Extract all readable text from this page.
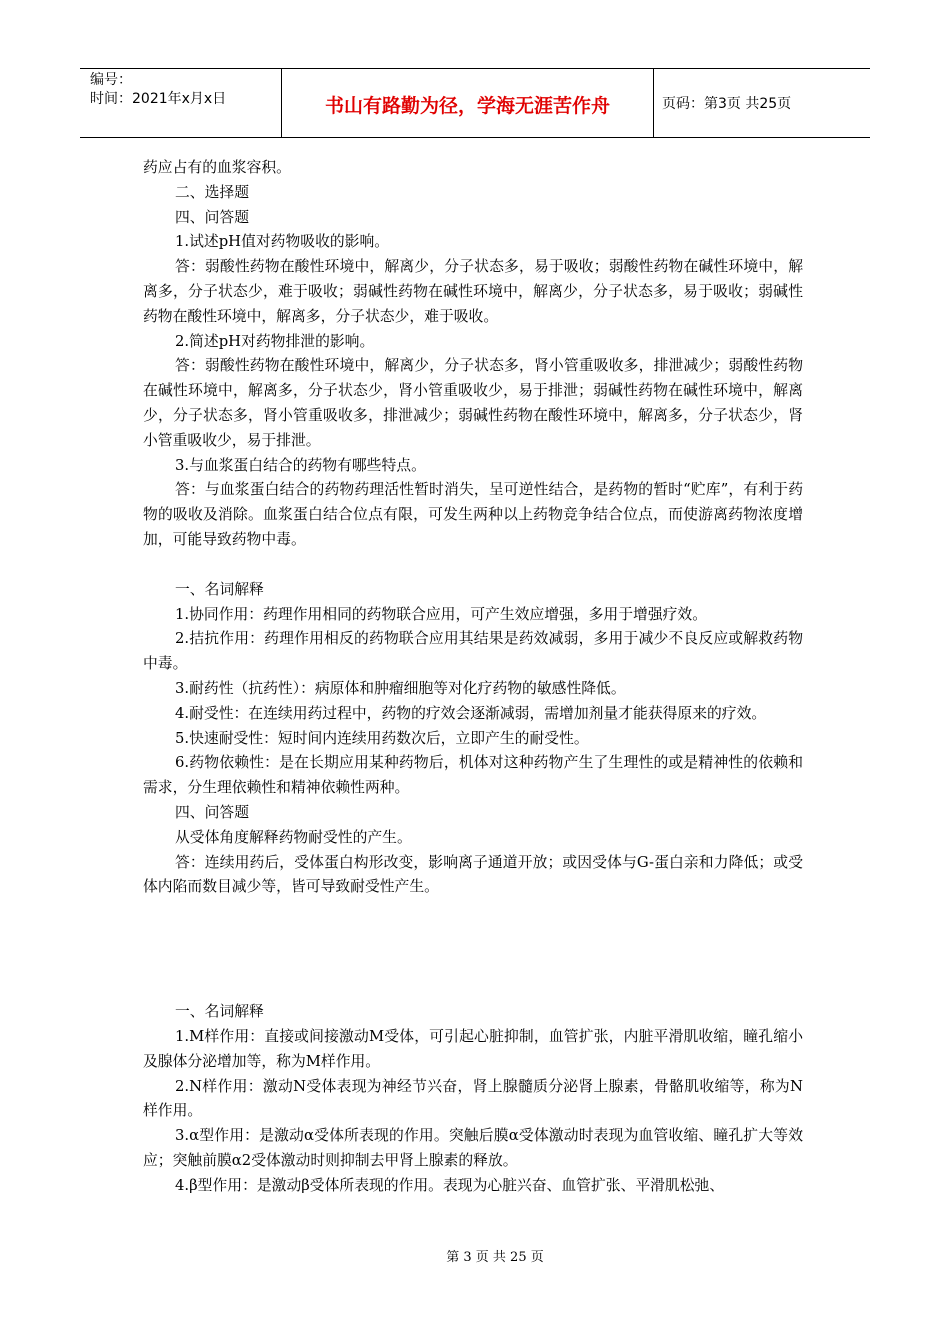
编号：
时间：2021年x月x日	书山有路勤为径，学海无涯苦作舟	页码：第3页 共25页

药应占有的血浆容积。

二、选择题

四、问答题

1.试述pH值对药物吸收的影响。

答：弱酸性药物在酸性环境中，解离少，分子状态多，易于吸收；弱酸性药物在碱性环境中，解离多，分子状态少，难于吸收；弱碱性药物在碱性环境中，解离少，分子状态多，易于吸收；弱碱性药物在酸性环境中，解离多，分子状态少，难于吸收。

2.简述pH对药物排泄的影响。

答：弱酸性药物在酸性环境中，解离少，分子状态多，肾小管重吸收多，排泄减少；弱酸性药物在碱性环境中，解离多，分子状态少，肾小管重吸收少，易于排泄；弱碱性药物在碱性环境中，解离少，分子状态多，肾小管重吸收多，排泄减少；弱碱性药物在酸性环境中，解离多，分子状态少，肾小管重吸收少，易于排泄。

3.与血浆蛋白结合的药物有哪些特点。

答：与血浆蛋白结合的药物药理活性暂时消失，呈可逆性结合，是药物的暂时“贮库”，有利于药物的吸收及消除。血浆蛋白结合位点有限，可发生两种以上药物竞争结合位点，而使游离药物浓度增加，可能导致药物中毒。

一、名词解释

1.协同作用：药理作用相同的药物联合应用，可产生效应增强，多用于增强疗效。

2.拮抗作用：药理作用相反的药物联合应用其结果是药效减弱，多用于减少不良反应或解救药物中毒。

3.耐药性（抗药性）：病原体和肿瘤细胞等对化疗药物的敏感性降低。

4.耐受性：在连续用药过程中，药物的疗效会逐渐减弱，需增加剂量才能获得原来的疗效。

5.快速耐受性：短时间内连续用药数次后，立即产生的耐受性。

6.药物依赖性：是在长期应用某种药物后，机体对这种药物产生了生理性的或是精神性的依赖和需求，分生理依赖性和精神依赖性两种。

四、问答题

从受体角度解释药物耐受性的产生。

答：连续用药后，受体蛋白构形改变，影响离子通道开放；或因受体与G-蛋白亲和力降低；或受体内陷而数目减少等，皆可导致耐受性产生。

一、名词解释

1.M样作用：直接或间接激动M受体，可引起心脏抑制，血管扩张，内脏平滑肌收缩，瞳孔缩小及腺体分泌增加等，称为M样作用。

2.N样作用：激动N受体表现为神经节兴奋，肾上腺髓质分泌肾上腺素，骨骼肌收缩等，称为N样作用。

3.α型作用：是激动α受体所表现的作用。突触后膜α受体激动时表现为血管收缩、瞳孔扩大等效应；突触前膜α2受体激动时则抑制去甲肾上腺素的释放。

4.β型作用：是激动β受体所表现的作用。表现为心脏兴奋、血管扩张、平滑肌松弛、

第 3 页 共 25 页
